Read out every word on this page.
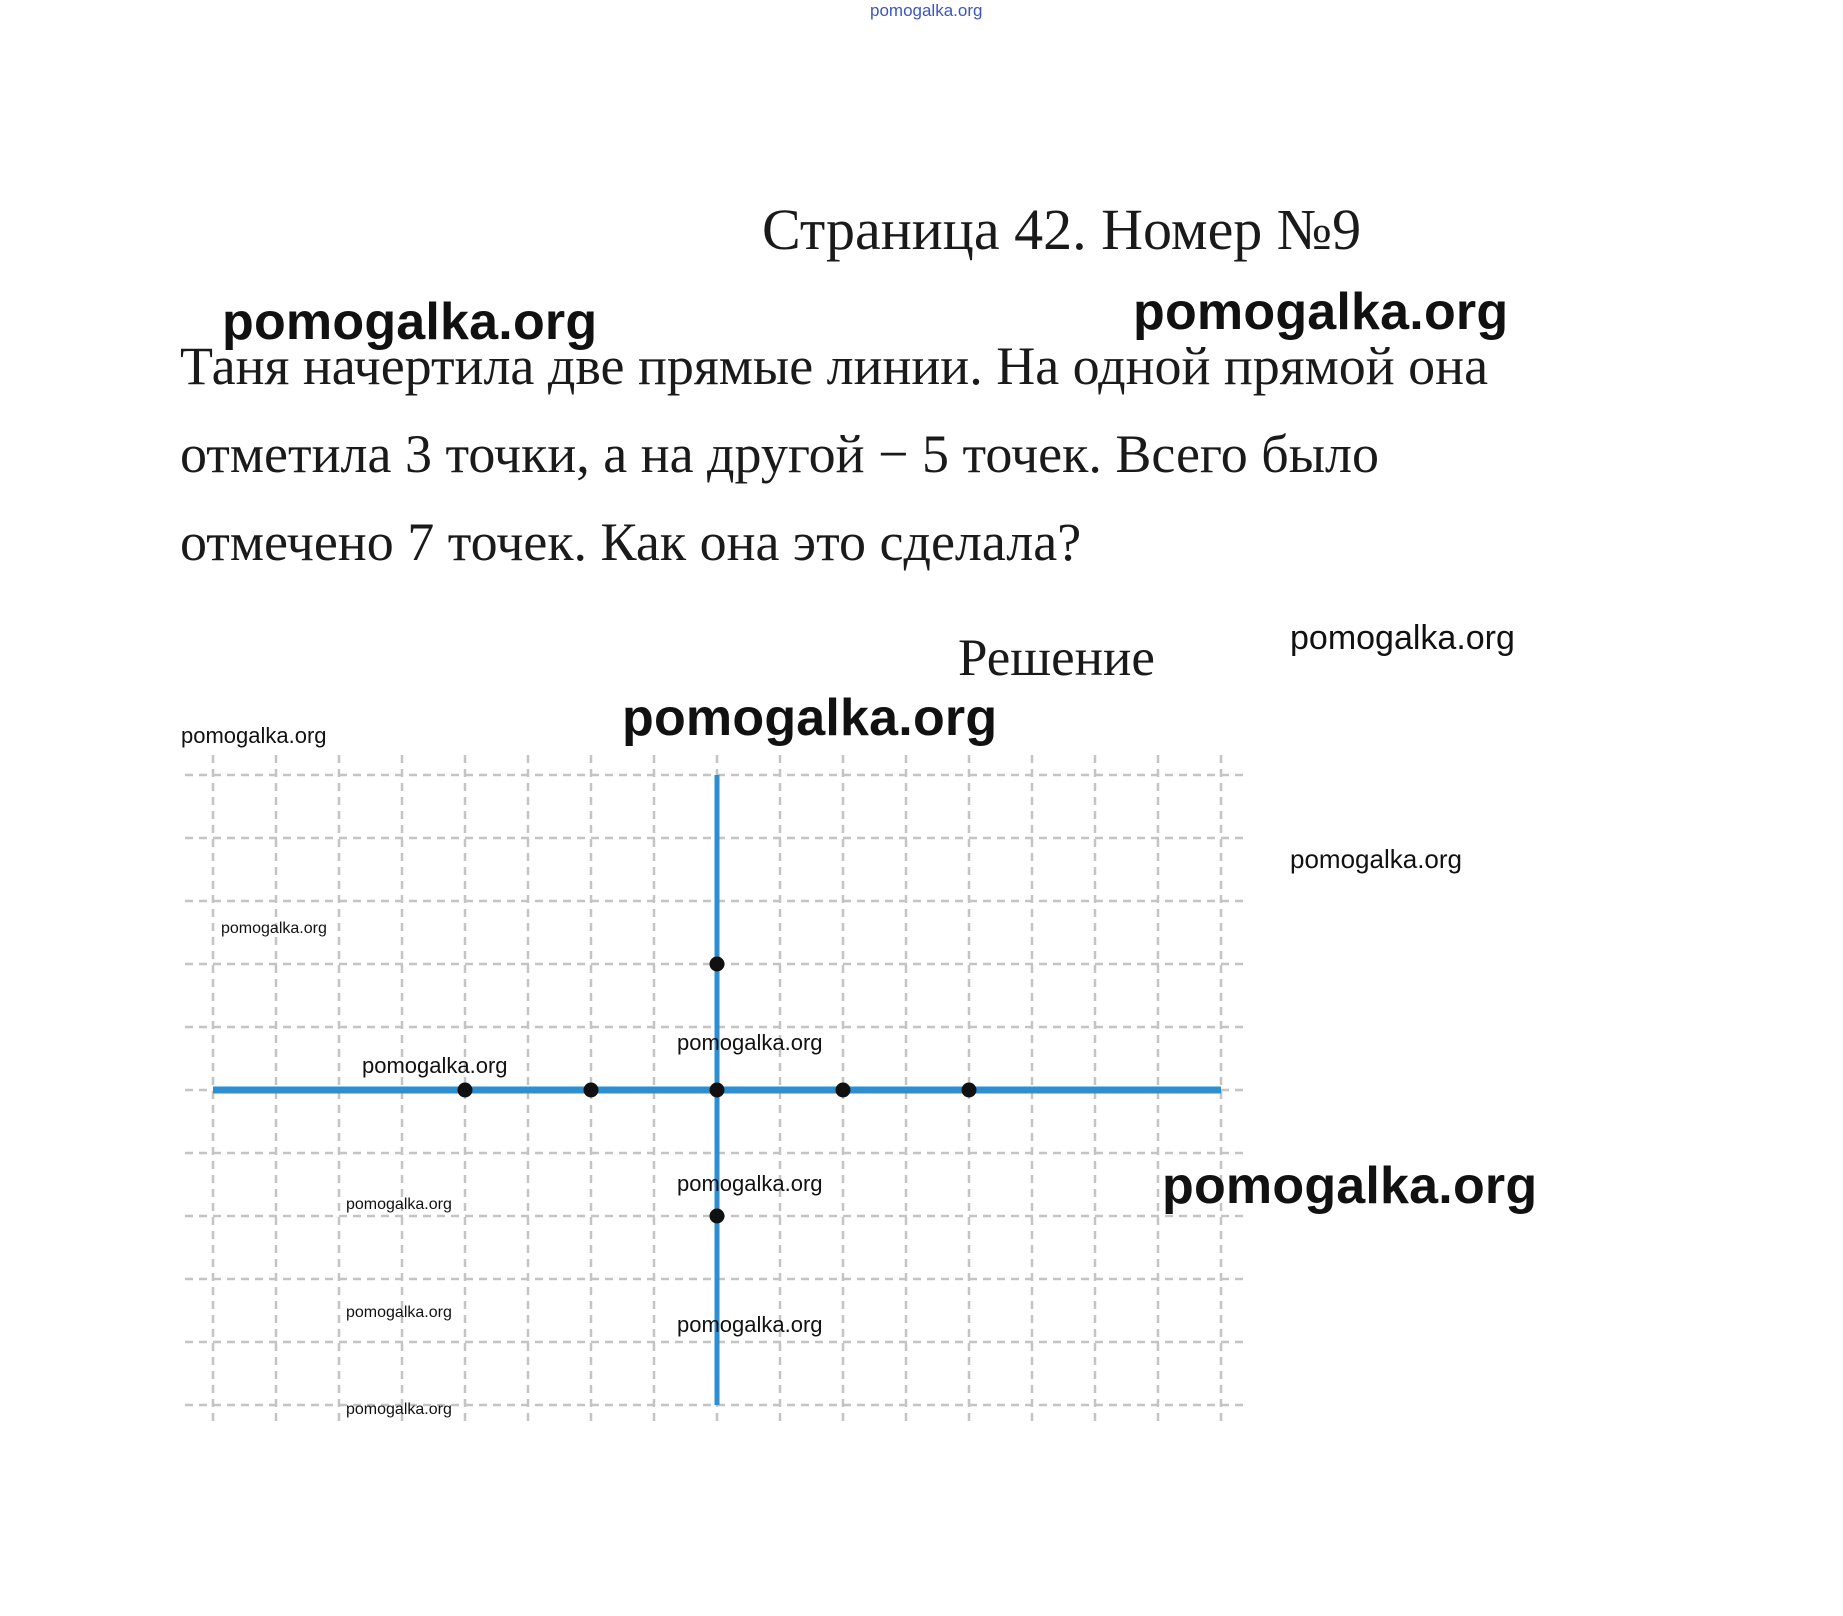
pomogalka.org
Страница 42. Номер №9
Таня начертила две прямые линии. На одной прямой она
отметила 3 точки, а на другой − 5 точек. Всего было
отмечено 7 точек. Как она это сделала?
Решение
pomogalka.org	pomogalka.org
pomogalka.org
pomogalka.org
pomogalka.org
pomogalka.org
pomogalka.org
pomogalka.org
pomogalka.org
pomogalka.org
pomogalka.org
pomogalka.org
pomogalka.org
pomogalka.org
pomogalka.org
